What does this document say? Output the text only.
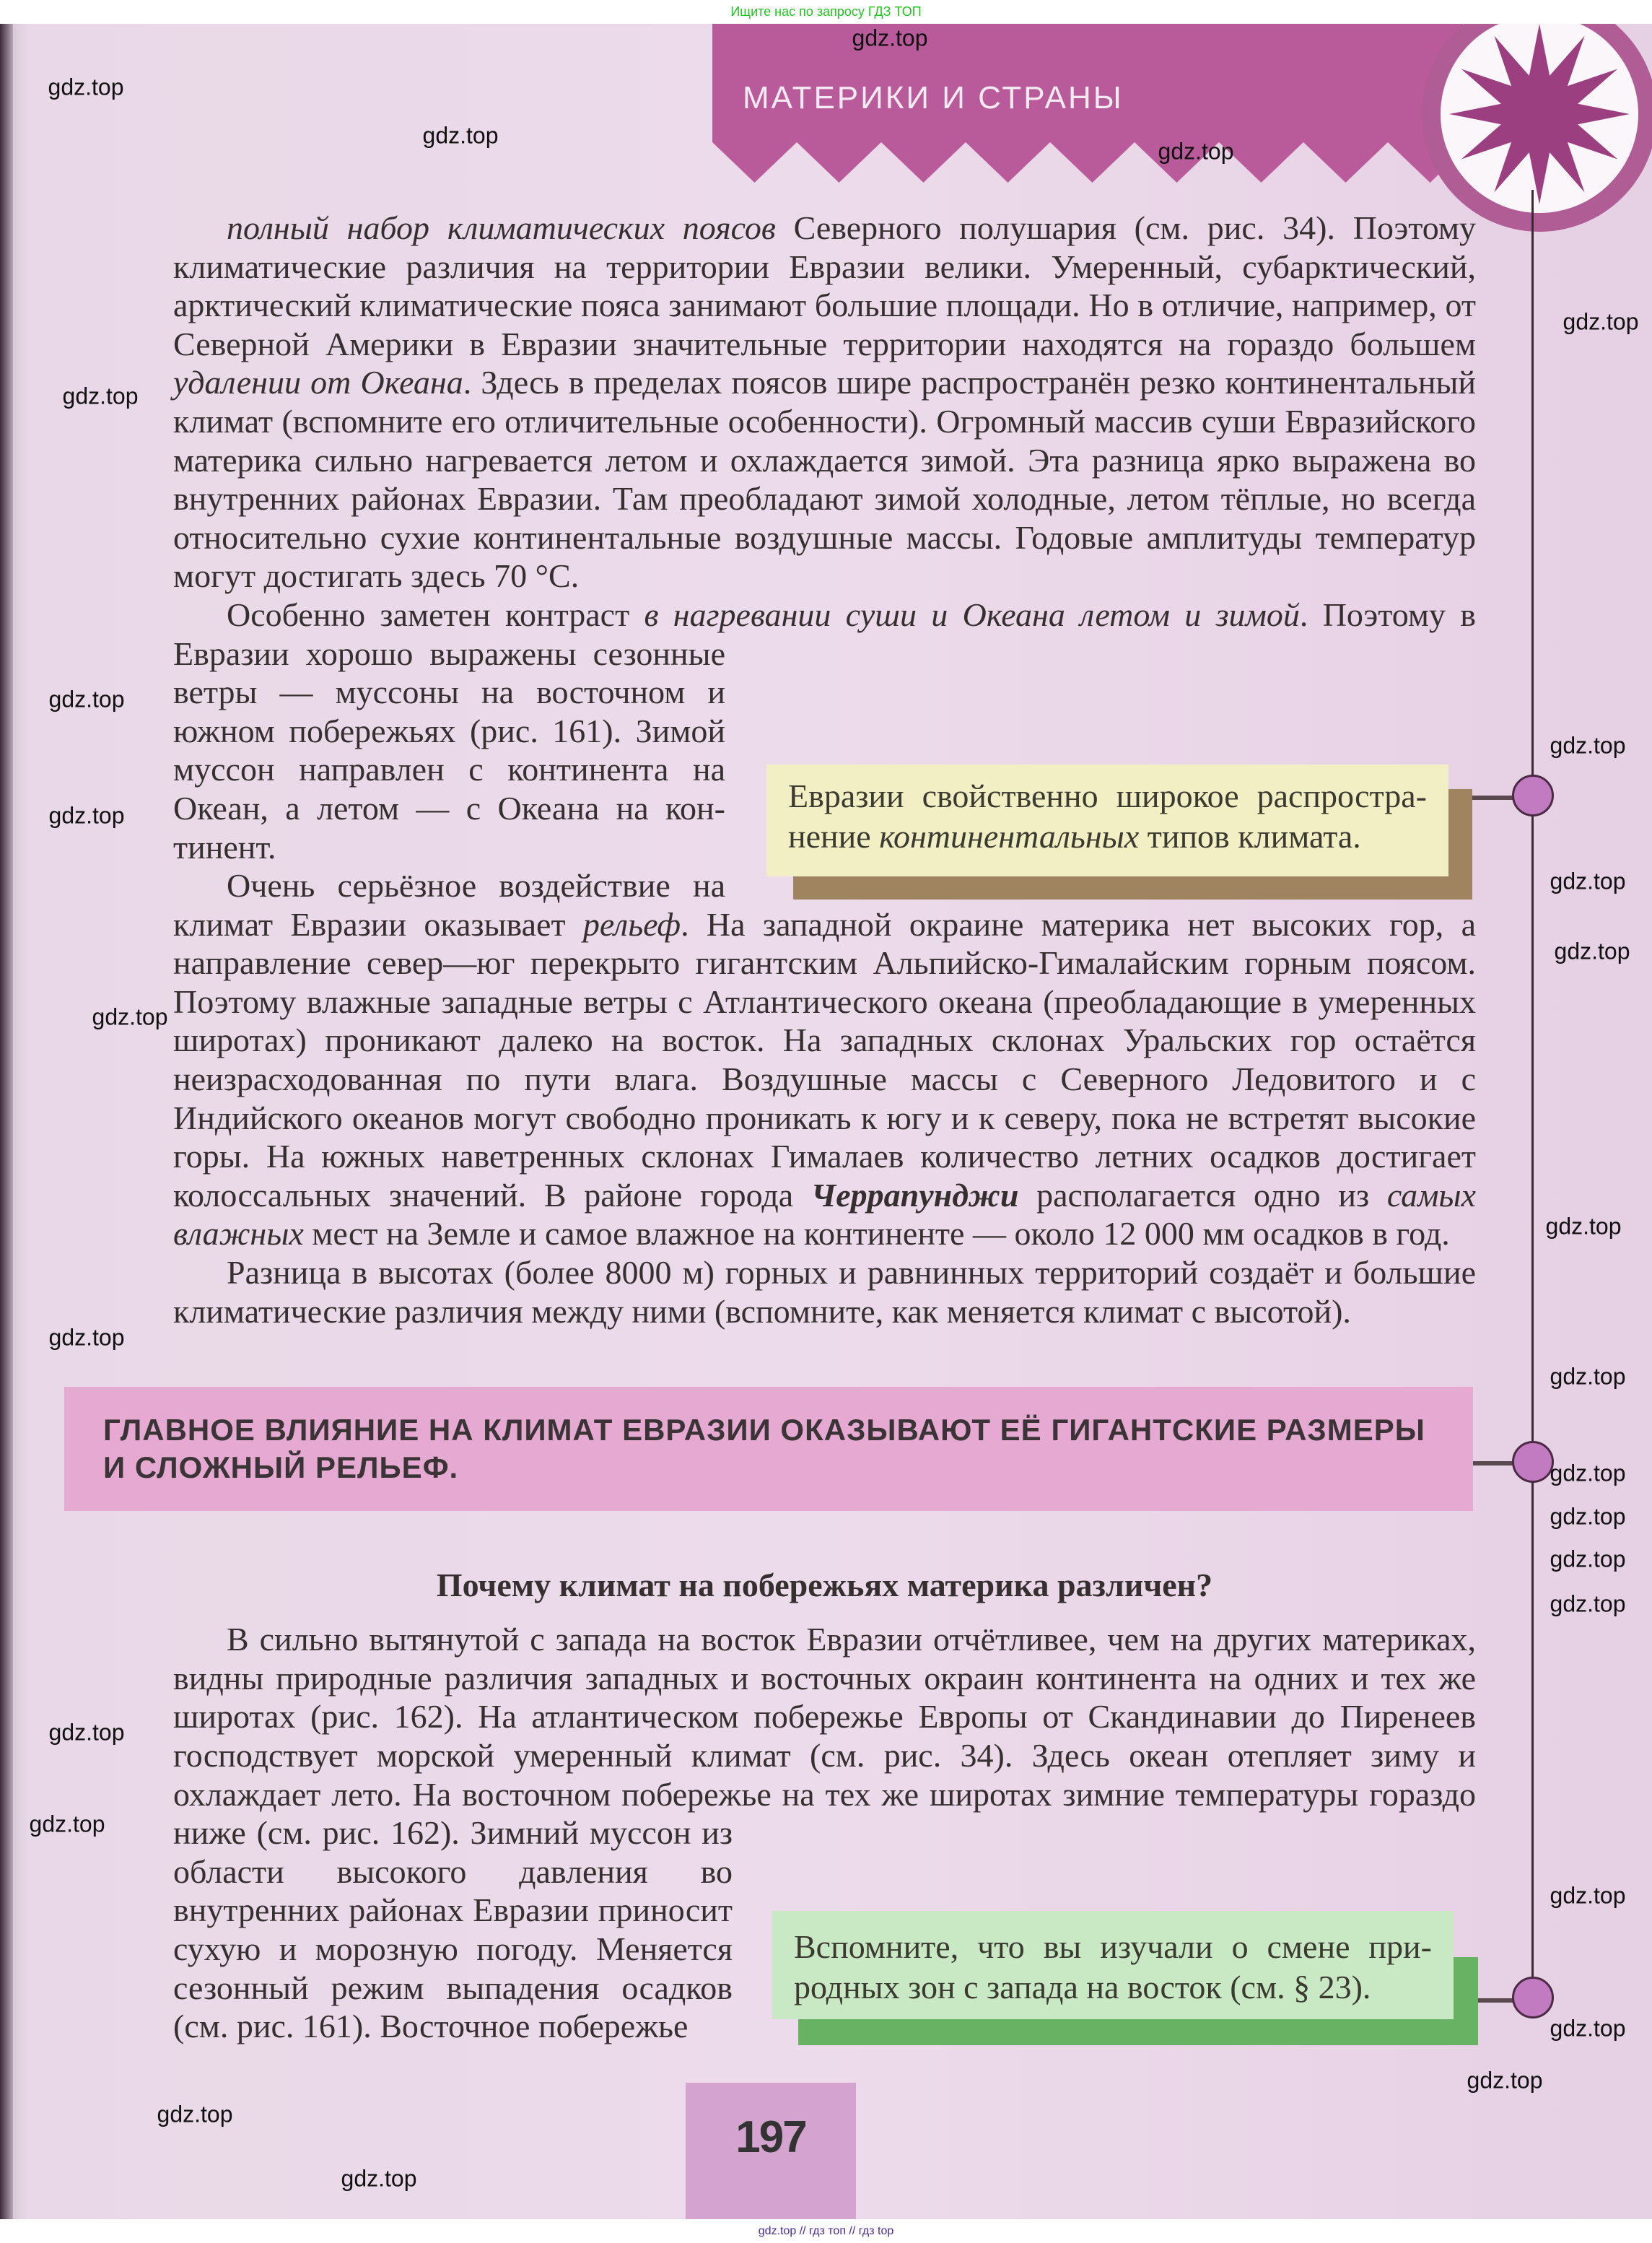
Ищите нас по запросу ГДЗ ТОП
МАТЕРИКИ И СТРАНЫ

полный набор климатических поясов Северного полушария (см. рис. 34). Поэтому климатические различия на территории Евразии велики. Умеренный, субарктический, арктический климатические пояса занимают большие площади. Но в отличие, например, от Северной Америки в Евразии значительные территории находятся на гораздо большем удалении от Океана. Здесь в пределах поясов шире распространён резко континентальный климат (вспомните его отличительные особенности). Огромный массив суши Евразийского материка сильно нагревается летом и охлаждается зимой. Эта разница ярко выражена во внутренних районах Евразии. Там преобладают зимой холодные, летом тёплые, но всегда относительно сухие континентальные воздушные массы. Годовые амплитуды температур могут достигать здесь 70 °С.

Евразии свойственно широкое распространение континентальных типов климата.
Особенно заметен контраст в нагревании суши и Океана летом и зимой. Поэтому в Евразии хорошо выражены сезонные ветры — муссоны на восточном и южном побережьях (рис. 161). Зимой муссон направлен с континента на Океан, а летом — с Океана на континент.

Очень серьёзное воздействие на климат Евразии оказывает рельеф. На западной окраине материка нет высоких гор, а направление север—юг перекрыто гигантским Альпийско-Гималайским горным поясом. Поэтому влажные западные ветры с Атлантического океана (преобладающие в умеренных широтах) проникают далеко на восток. На западных склонах Уральских гор остаётся неизрасходованная по пути влага. Воздушные массы с Северного Ледовитого и с Индийского океанов могут свободно проникать к югу и к северу, пока не встретят высокие горы. На южных наветренных склонах Гималаев количество летних осадков достигает колоссальных значений. В районе города Черрапунджи располагается одно из самых влажных мест на Земле и самое влажное на континенте — около 12 000 мм осадков в год.

Разница в высотах (более 8000 м) горных и равнинных территорий создаёт и большие климатические различия между ними (вспомните, как меняется климат с высотой).

ГЛАВНОЕ ВЛИЯНИЕ НА КЛИМАТ ЕВРАЗИИ ОКАЗЫВАЮТ ЕЁ ГИГАНТСКИЕ РАЗМЕРЫ И СЛОЖНЫЙ РЕЛЬЕФ.
Почему климат на побережьях материка различен?

Вспомните, что вы изучали о смене природных зон с запада на восток (см. § 23).
В сильно вытянутой с запада на восток Евразии отчётливее, чем на других материках, видны природные различия западных и восточных окраин континента на одних и тех же широтах (рис. 162). На атлантическом побережье Европы от Скандинавии до Пиренеев господствует морской умеренный климат (см. рис. 34). Здесь океан отепляет зиму и охлаждает лето. На восточном побережье на тех же широтах зимние температуры гораздо ниже (см. рис. 162). Зимний муссон из области высокого давления во внутренних районах Евразии приносит сухую и морозную погоду. Меняется сезонный режим выпадения осадков (см. рис. 161). Восточное побережье

197
gdz.top // гдз топ // гдз top
gdz.top
gdz.top
gdz.top
gdz.top
gdz.top
gdz.top
gdz.top
gdz.top
gdz.top
gdz.top
gdz.top
gdz.top
gdz.top
gdz.top
gdz.top
gdz.top
gdz.top
gdz.top
gdz.top
gdz.top
gdz.top
gdz.top
gdz.top
gdz.top
gdz.top
gdz.top
